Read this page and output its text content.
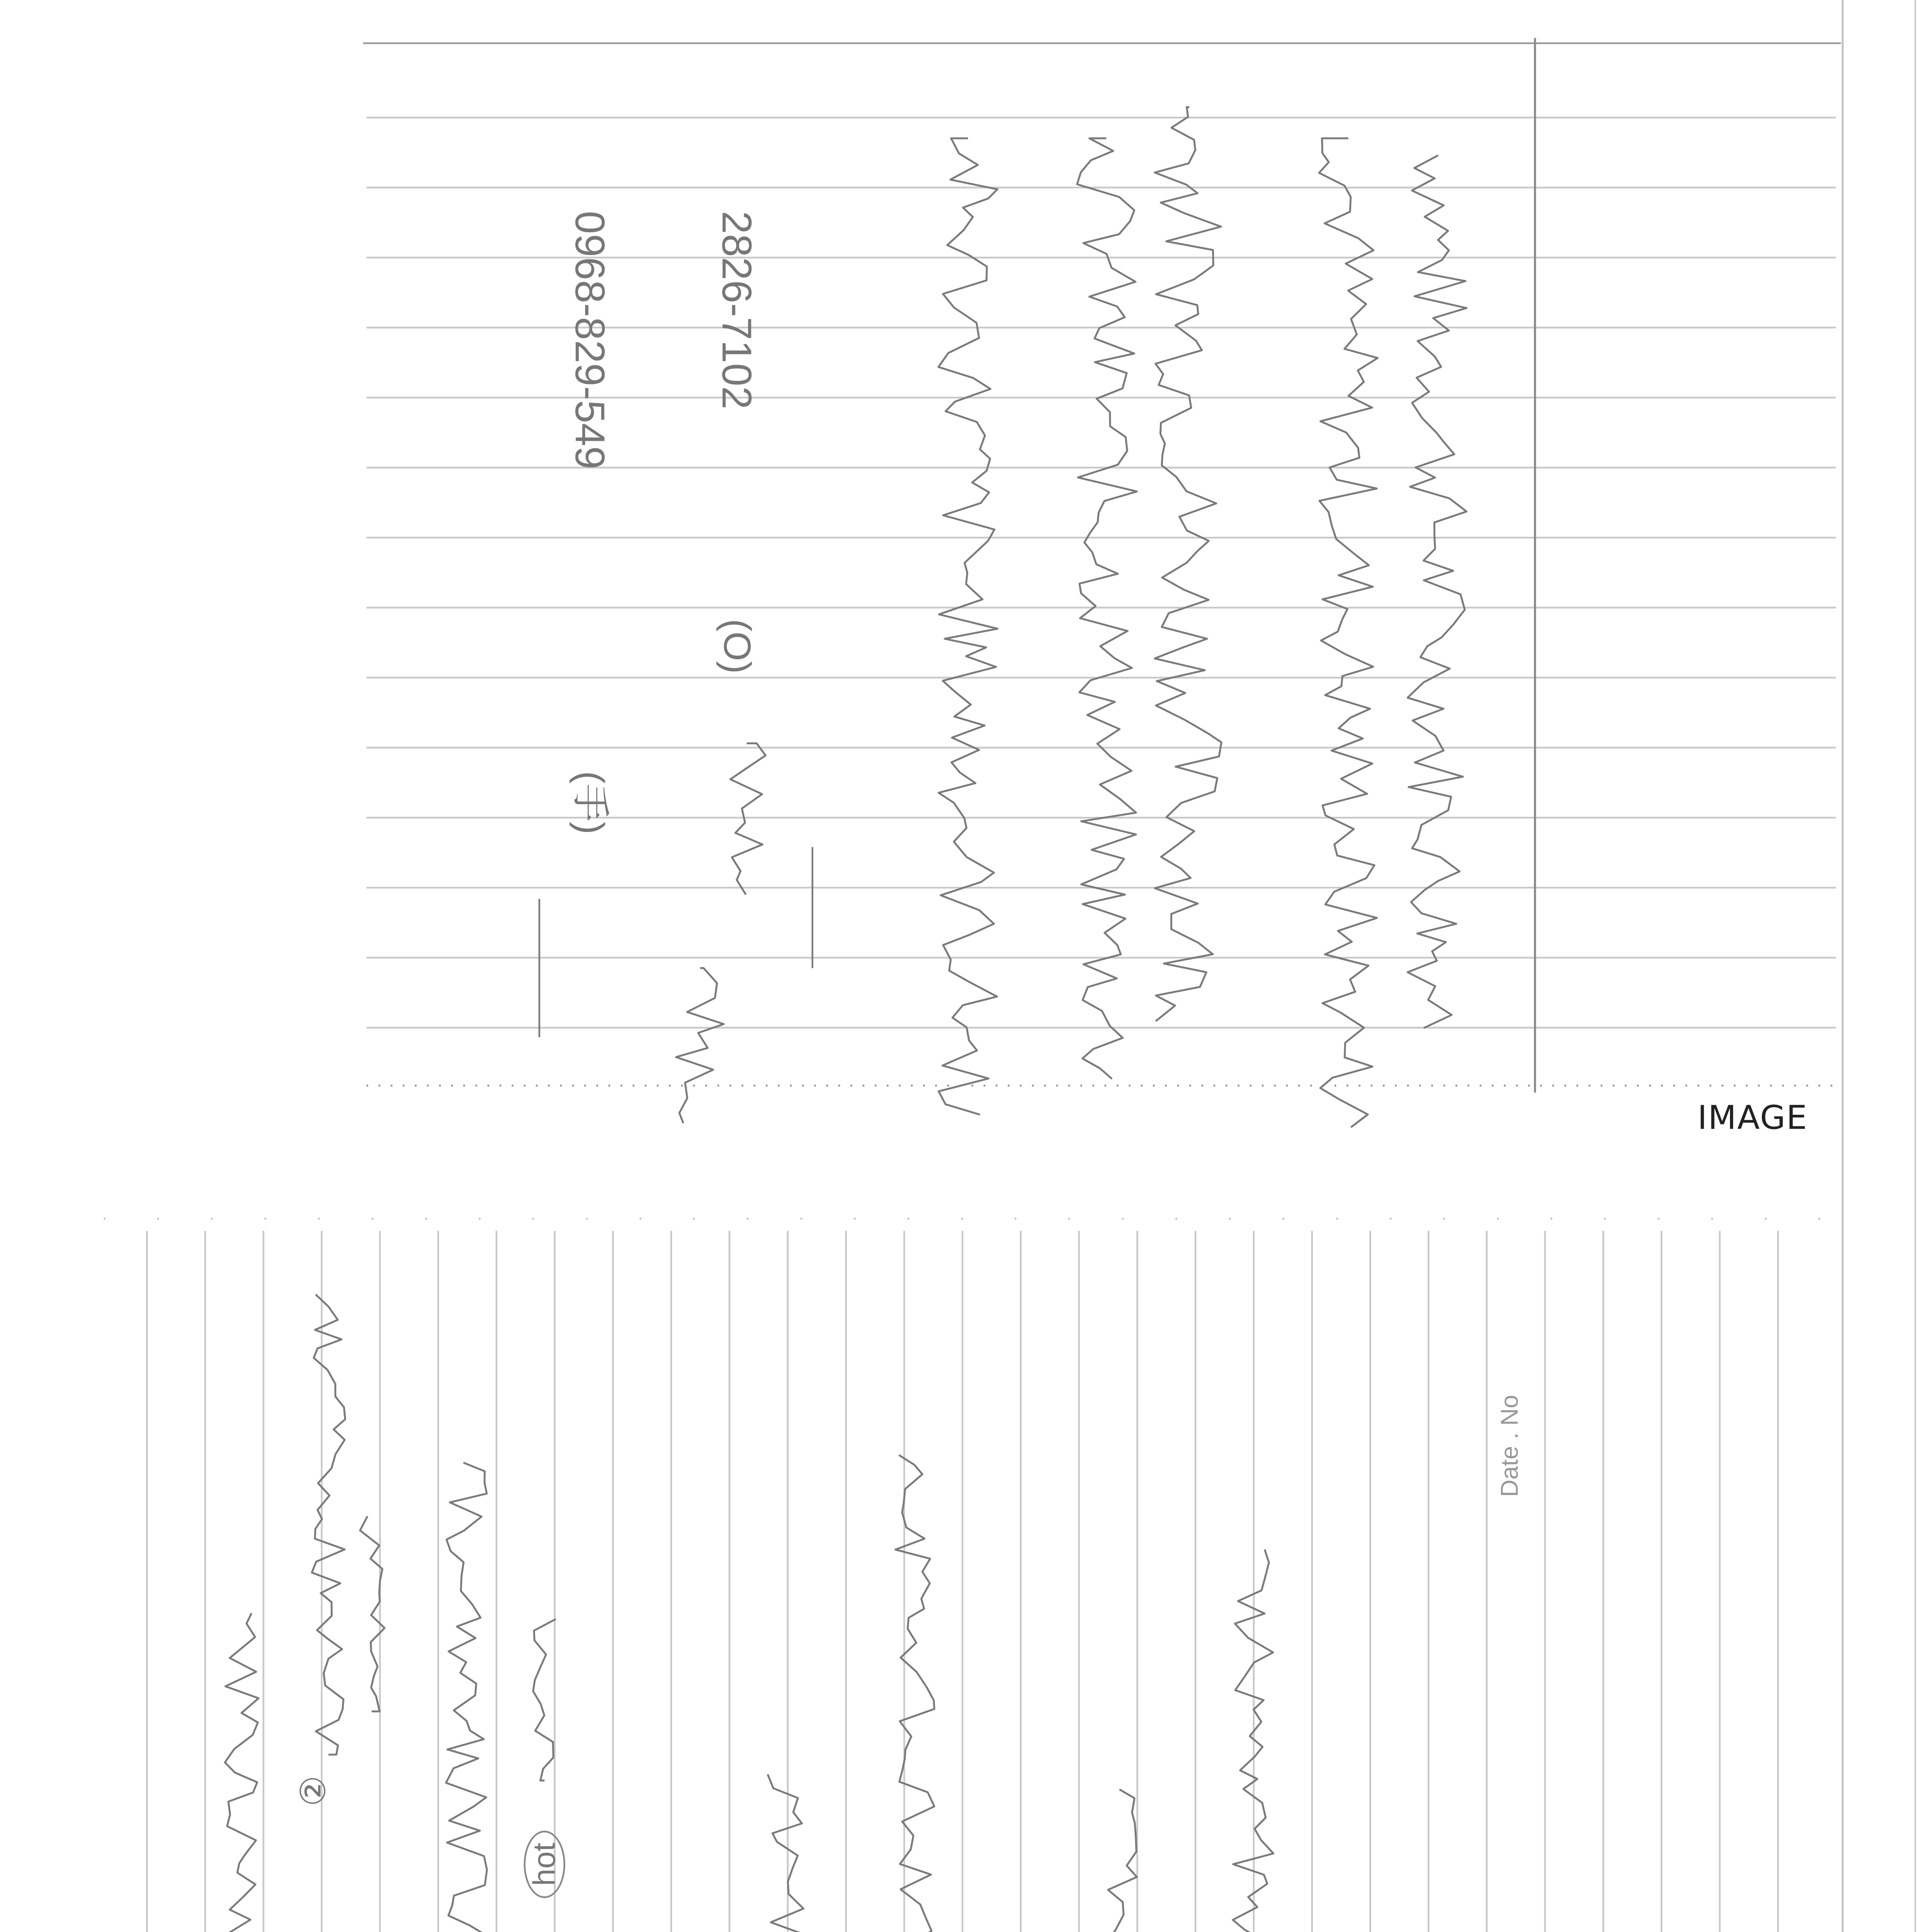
IMAGE
0968-829-549
(手)
2826-7102
(O)
Date . No
②
hot
